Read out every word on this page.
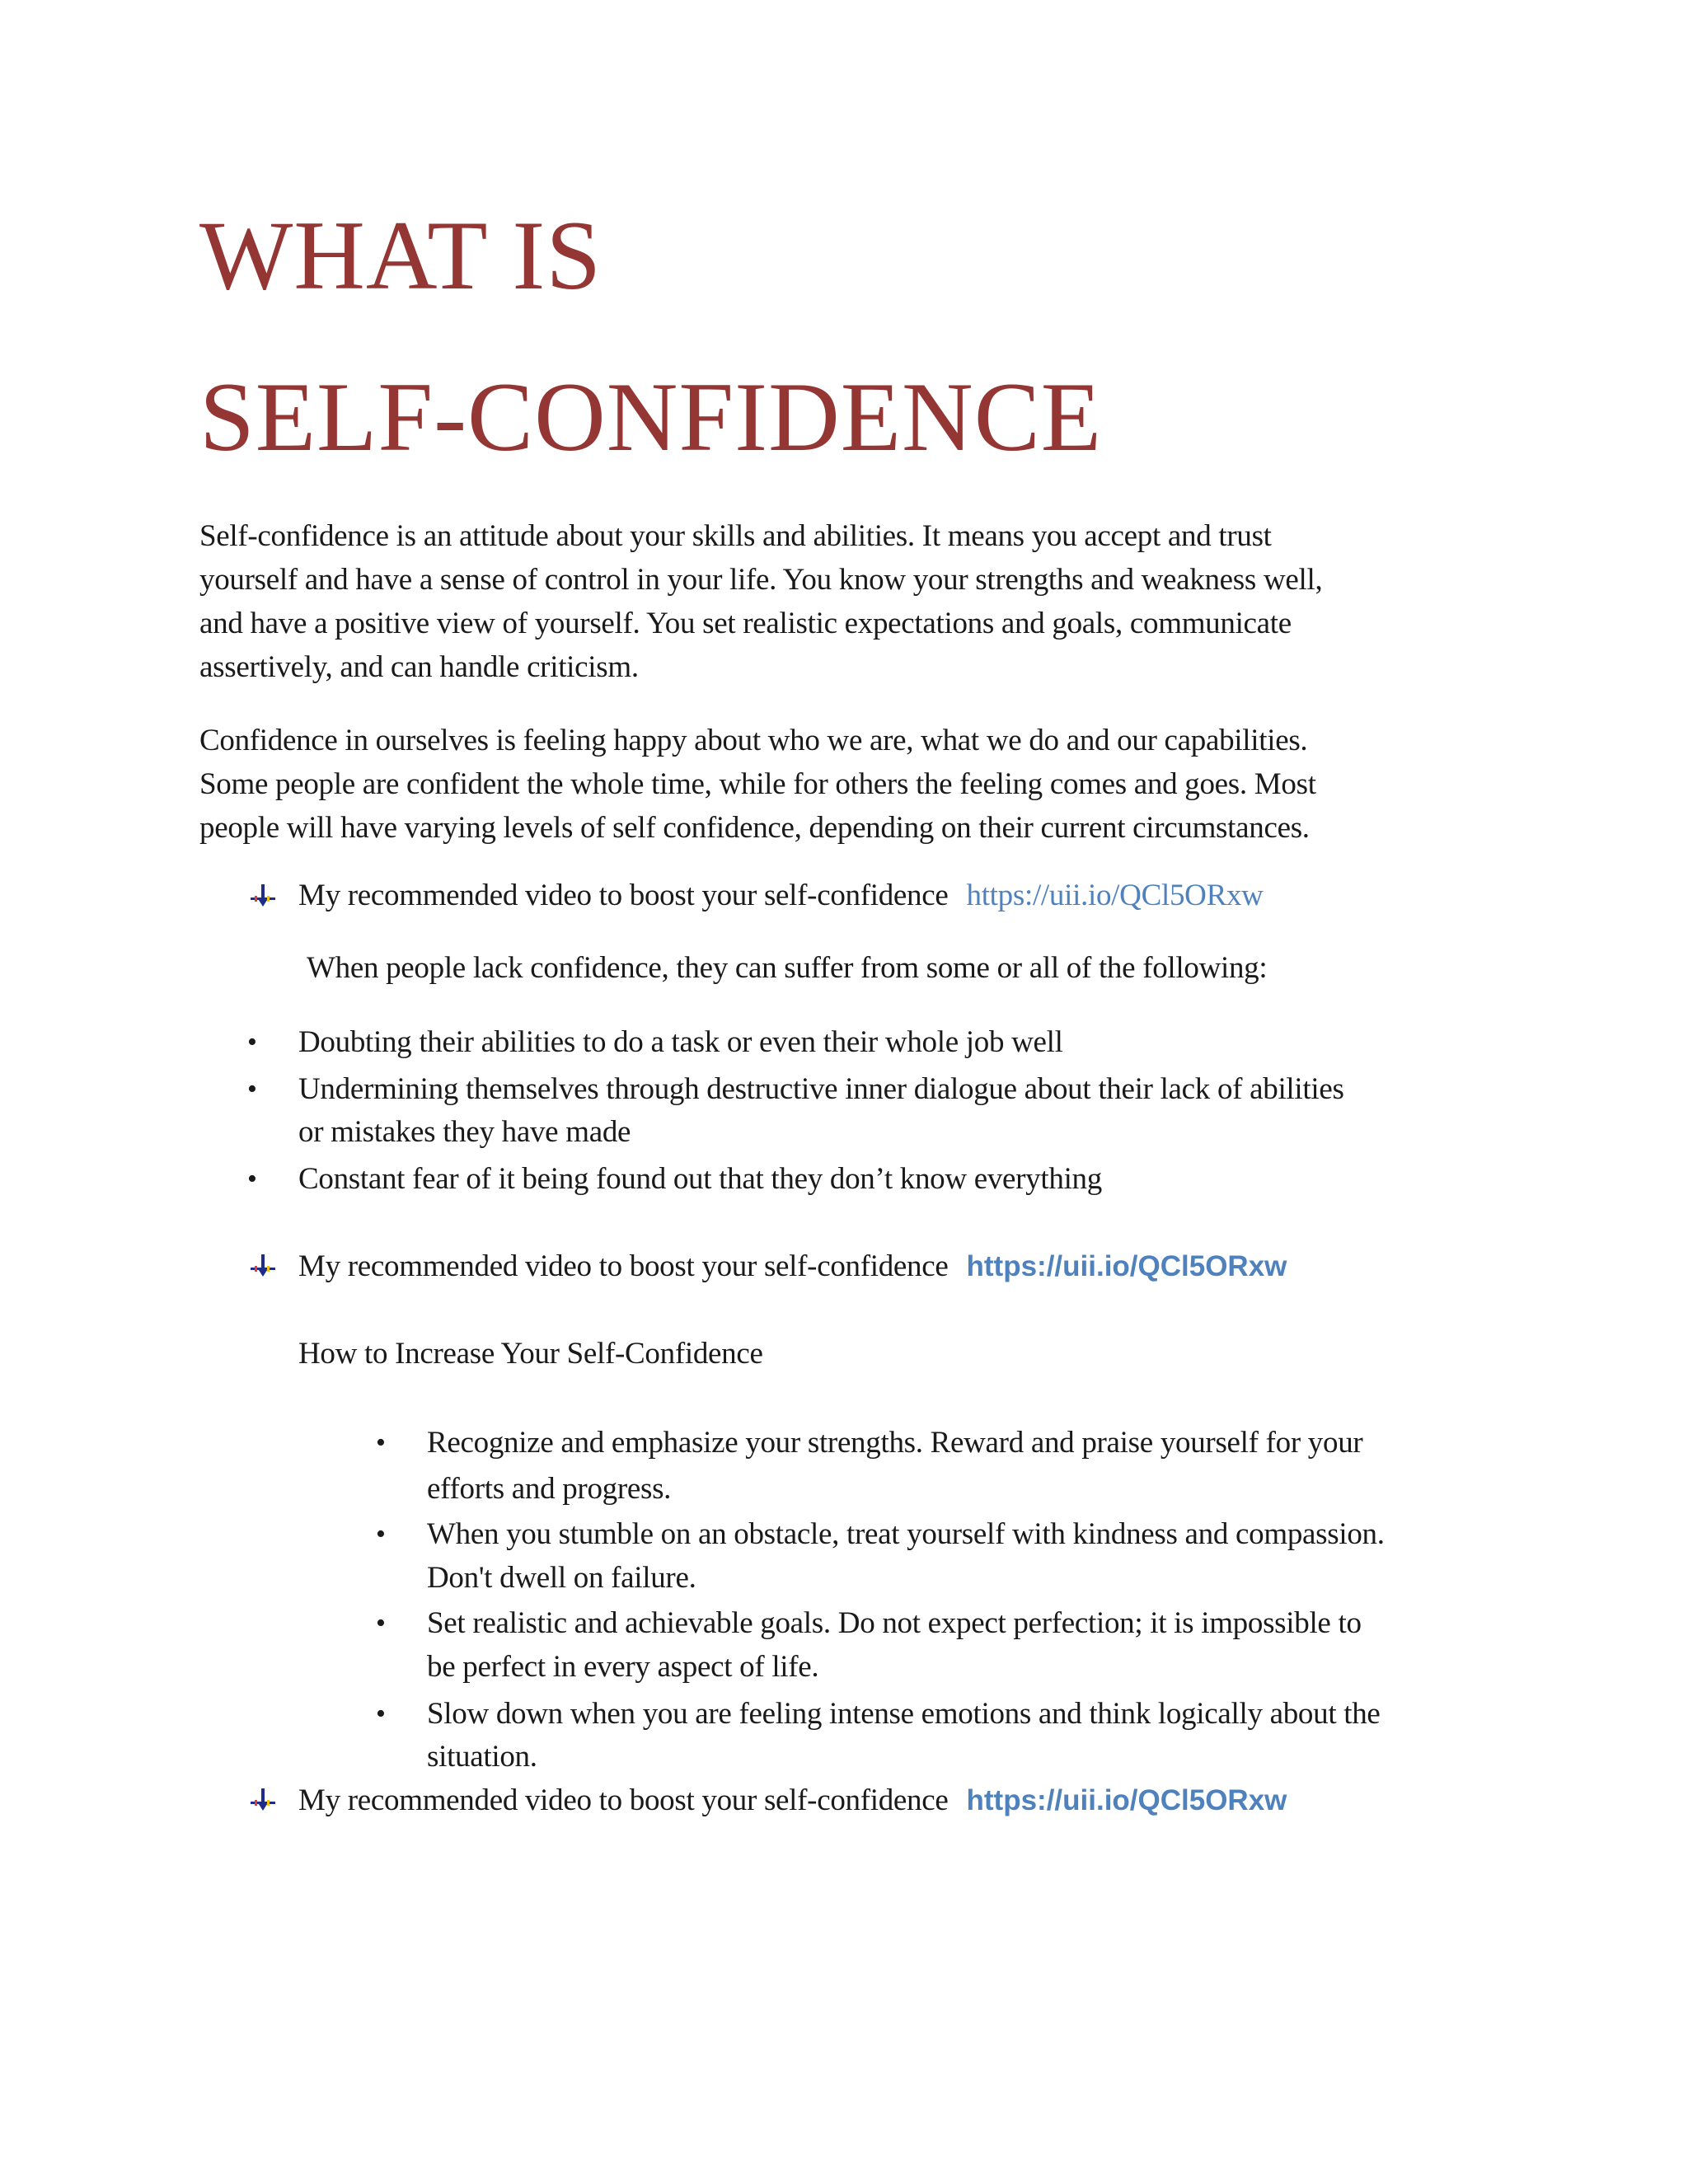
WHAT IS
SELF-CONFIDENCE
Self-confidence is an attitude about your skills and abilities. It means you accept and trust
yourself and have a sense of control in your life. You know your strengths and weakness well,
and have a positive view of yourself. You set realistic expectations and goals, communicate
assertively, and can handle criticism.
Confidence in ourselves is feeling happy about who we are, what we do and our capabilities.
Some people are confident the whole time, while for others the feeling comes and goes. Most
people will have varying levels of self confidence, depending on their current circumstances.
My recommended video to boost your self-confidence https://uii.io/QCl5ORxw
When people lack confidence, they can suffer from some or all of the following:
• Doubting their abilities to do a task or even their whole job well
• Undermining themselves through destructive inner dialogue about their lack of abilities
or mistakes they have made
• Constant fear of it being found out that they don’t know everything
My recommended video to boost your self-confidence https://uii.io/QCl5ORxw
How to Increase Your Self-Confidence
• Recognize and emphasize your strengths. Reward and praise yourself for your
efforts and progress.
• When you stumble on an obstacle, treat yourself with kindness and compassion.
Don't dwell on failure.
• Set realistic and achievable goals. Do not expect perfection; it is impossible to
be perfect in every aspect of life.
• Slow down when you are feeling intense emotions and think logically about the
situation.
My recommended video to boost your self-confidence https://uii.io/QCl5ORxw
